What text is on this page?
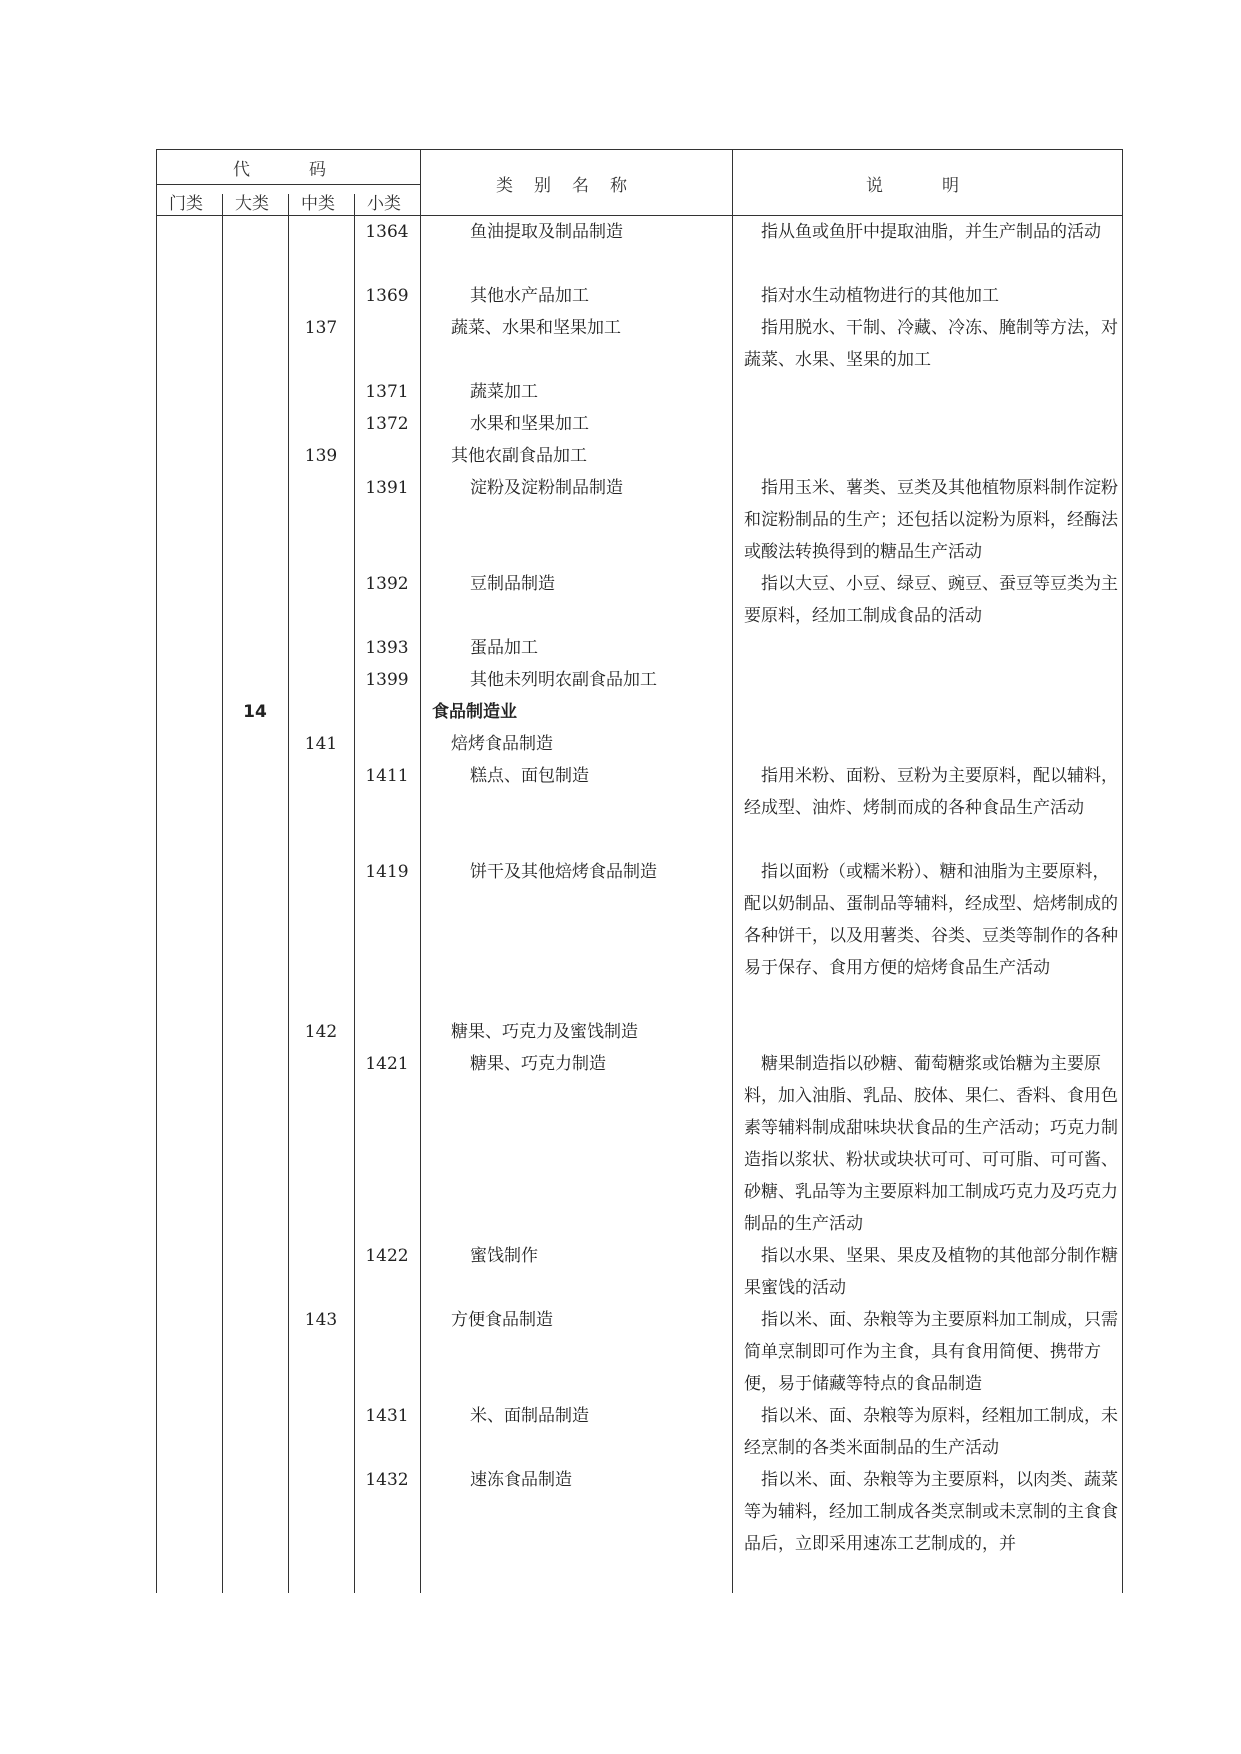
代　　　码
门类 大类 中类 小类
类　别　名　称	说　　　明
1364
1369
137
1371
1372
139
1391
1392
1393
1399
14
141
1411
1419
142
1421
1422
143
1431
1432
鱼油提取及制品制造
其他水产品加工
蔬菜、水果和坚果加工
蔬菜加工
水果和坚果加工
其他农副食品加工
淀粉及淀粉制品制造
豆制品制造
蛋品加工
其他未列明农副食品加工
食品制造业
焙烤食品制造
糕点、面包制造
饼干及其他焙烤食品制造
糖果、巧克力及蜜饯制造
糖果、巧克力制造
蜜饯制作
方便食品制造
米、面制品制造
速冻食品制造
指从鱼或鱼肝中提取油脂，并生产制品的活动
指对水生动植物进行的其他加工
指用脱水、干制、冷藏、冷冻、腌制等方法，对蔬菜、水果、坚果的加工
指用玉米、薯类、豆类及其他植物原料制作淀粉和淀粉制品的生产；还包括以淀粉为原料，经酶法或酸法转换得到的糖品生产活动
指以大豆、小豆、绿豆、豌豆、蚕豆等豆类为主要原料，经加工制成食品的活动
指用米粉、面粉、豆粉为主要原料，配以辅料，经成型、油炸、烤制而成的各种食品生产活动
指以面粉（或糯米粉）、糖和油脂为主要原料，配以奶制品、蛋制品等辅料，经成型、焙烤制成的各种饼干，以及用薯类、谷类、豆类等制作的各种易于保存、食用方便的焙烤食品生产活动
糖果制造指以砂糖、葡萄糖浆或饴糖为主要原料，加入油脂、乳品、胶体、果仁、香料、食用色素等辅料制成甜味块状食品的生产活动；巧克力制造指以浆状、粉状或块状可可、可可脂、可可酱、砂糖、乳品等为主要原料加工制成巧克力及巧克力制品的生产活动
指以水果、坚果、果皮及植物的其他部分制作糖果蜜饯的活动
指以米、面、杂粮等为主要原料加工制成，只需简单烹制即可作为主食，具有食用简便、携带方便，易于储藏等特点的食品制造
指以米、面、杂粮等为原料，经粗加工制成，未经烹制的各类米面制品的生产活动
指以米、面、杂粮等为主要原料，以肉类、蔬菜等为辅料，经加工制成各类烹制或未烹制的主食食品后，立即采用速冻工艺制成的，并
